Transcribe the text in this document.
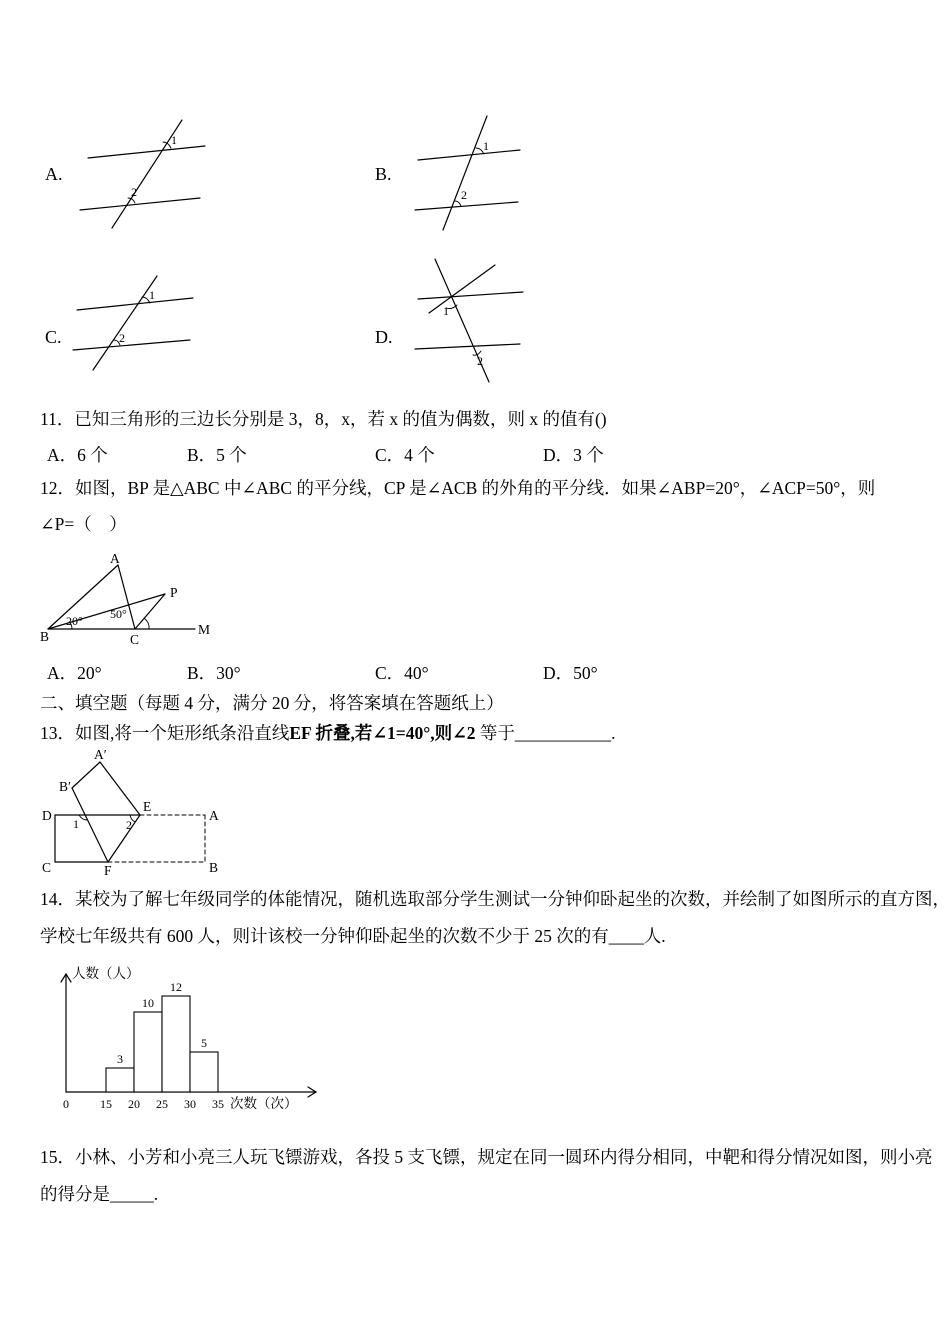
A.
1
2
B.
1
2
C.
1
2	D.
1
2
11．已知三角形的三边长分别是 3，8，x，若 x 的值为偶数，则 x 的值有()
A．6 个	B．5 个	C．4 个	D．3 个
12．如图，BP 是△ABC 中∠ABC 的平分线，CP 是∠ACB 的外角的平分线．如果∠ABP=20°，∠ACP=50°，则
∠P=（　）
A
P
B	C
M
20° 50°
A．20°	B．30°	C．40°	D．50°
二、填空题（每题 4 分，满分 20 分，将答案填在答题纸上）
13．如图,将一个矩形纸条沿直线EF 折叠,若∠1=40°,则∠2 等于___________.
A′
B′
D
E
A
C	F	B
1	2
14．某校为了解七年级同学的体能情况，随机选取部分学生测试一分钟仰卧起坐的次数，并绘制了如图所示的直方图，
学校七年级共有 600 人，则计该校一分钟仰卧起坐的次数不少于 25 次的有____人.
人数（人）
次数（次）
3
10
12
5
0	15 20 25 30 35
15．小林、小芳和小亮三人玩飞镖游戏，各投 5 支飞镖，规定在同一圆环内得分相同，中靶和得分情况如图，则小亮
的得分是_____.
